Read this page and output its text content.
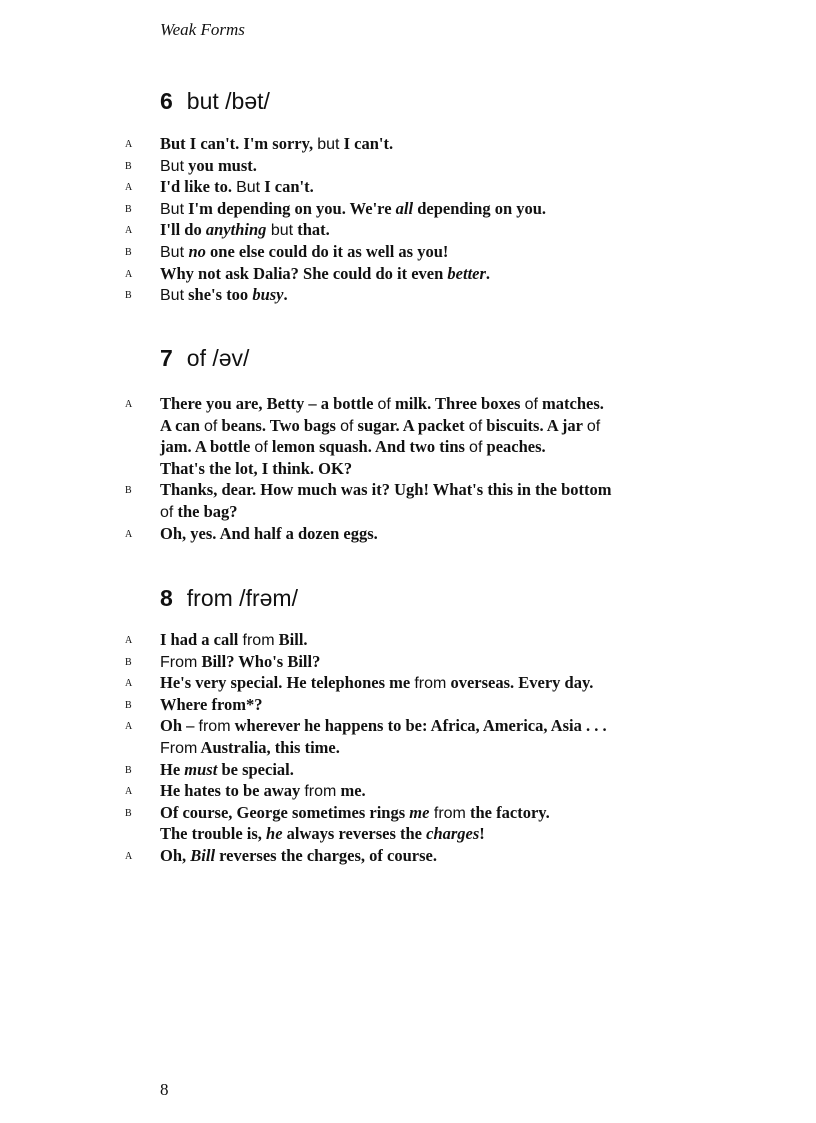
Weak Forms
6 but /bət/
A But I can't. I'm sorry, but I can't.
B But you must.
A I'd like to. But I can't.
B But I'm depending on you. We're all depending on you.
A I'll do anything but that.
B But no one else could do it as well as you!
A Why not ask Dalia? She could do it even better.
B But she's too busy.
7 of /əv/
A There you are, Betty – a bottle of milk. Three boxes of matches.
A can of beans. Two bags of sugar. A packet of biscuits. A jar of
jam. A bottle of lemon squash. And two tins of peaches.
That's the lot, I think. OK?
B Thanks, dear. How much was it? Ugh! What's this in the bottom
of the bag?
A Oh, yes. And half a dozen eggs.
8 from /frəm/
A I had a call from Bill.
B From Bill? Who's Bill?
A He's very special. He telephones me from overseas. Every day.
B Where from*?
A Oh – from wherever he happens to be: Africa, America, Asia . . .
From Australia, this time.
B He must be special.
A He hates to be away from me.
B Of course, George sometimes rings me from the factory.
The trouble is, he always reverses the charges!
A Oh, Bill reverses the charges, of course.
8
